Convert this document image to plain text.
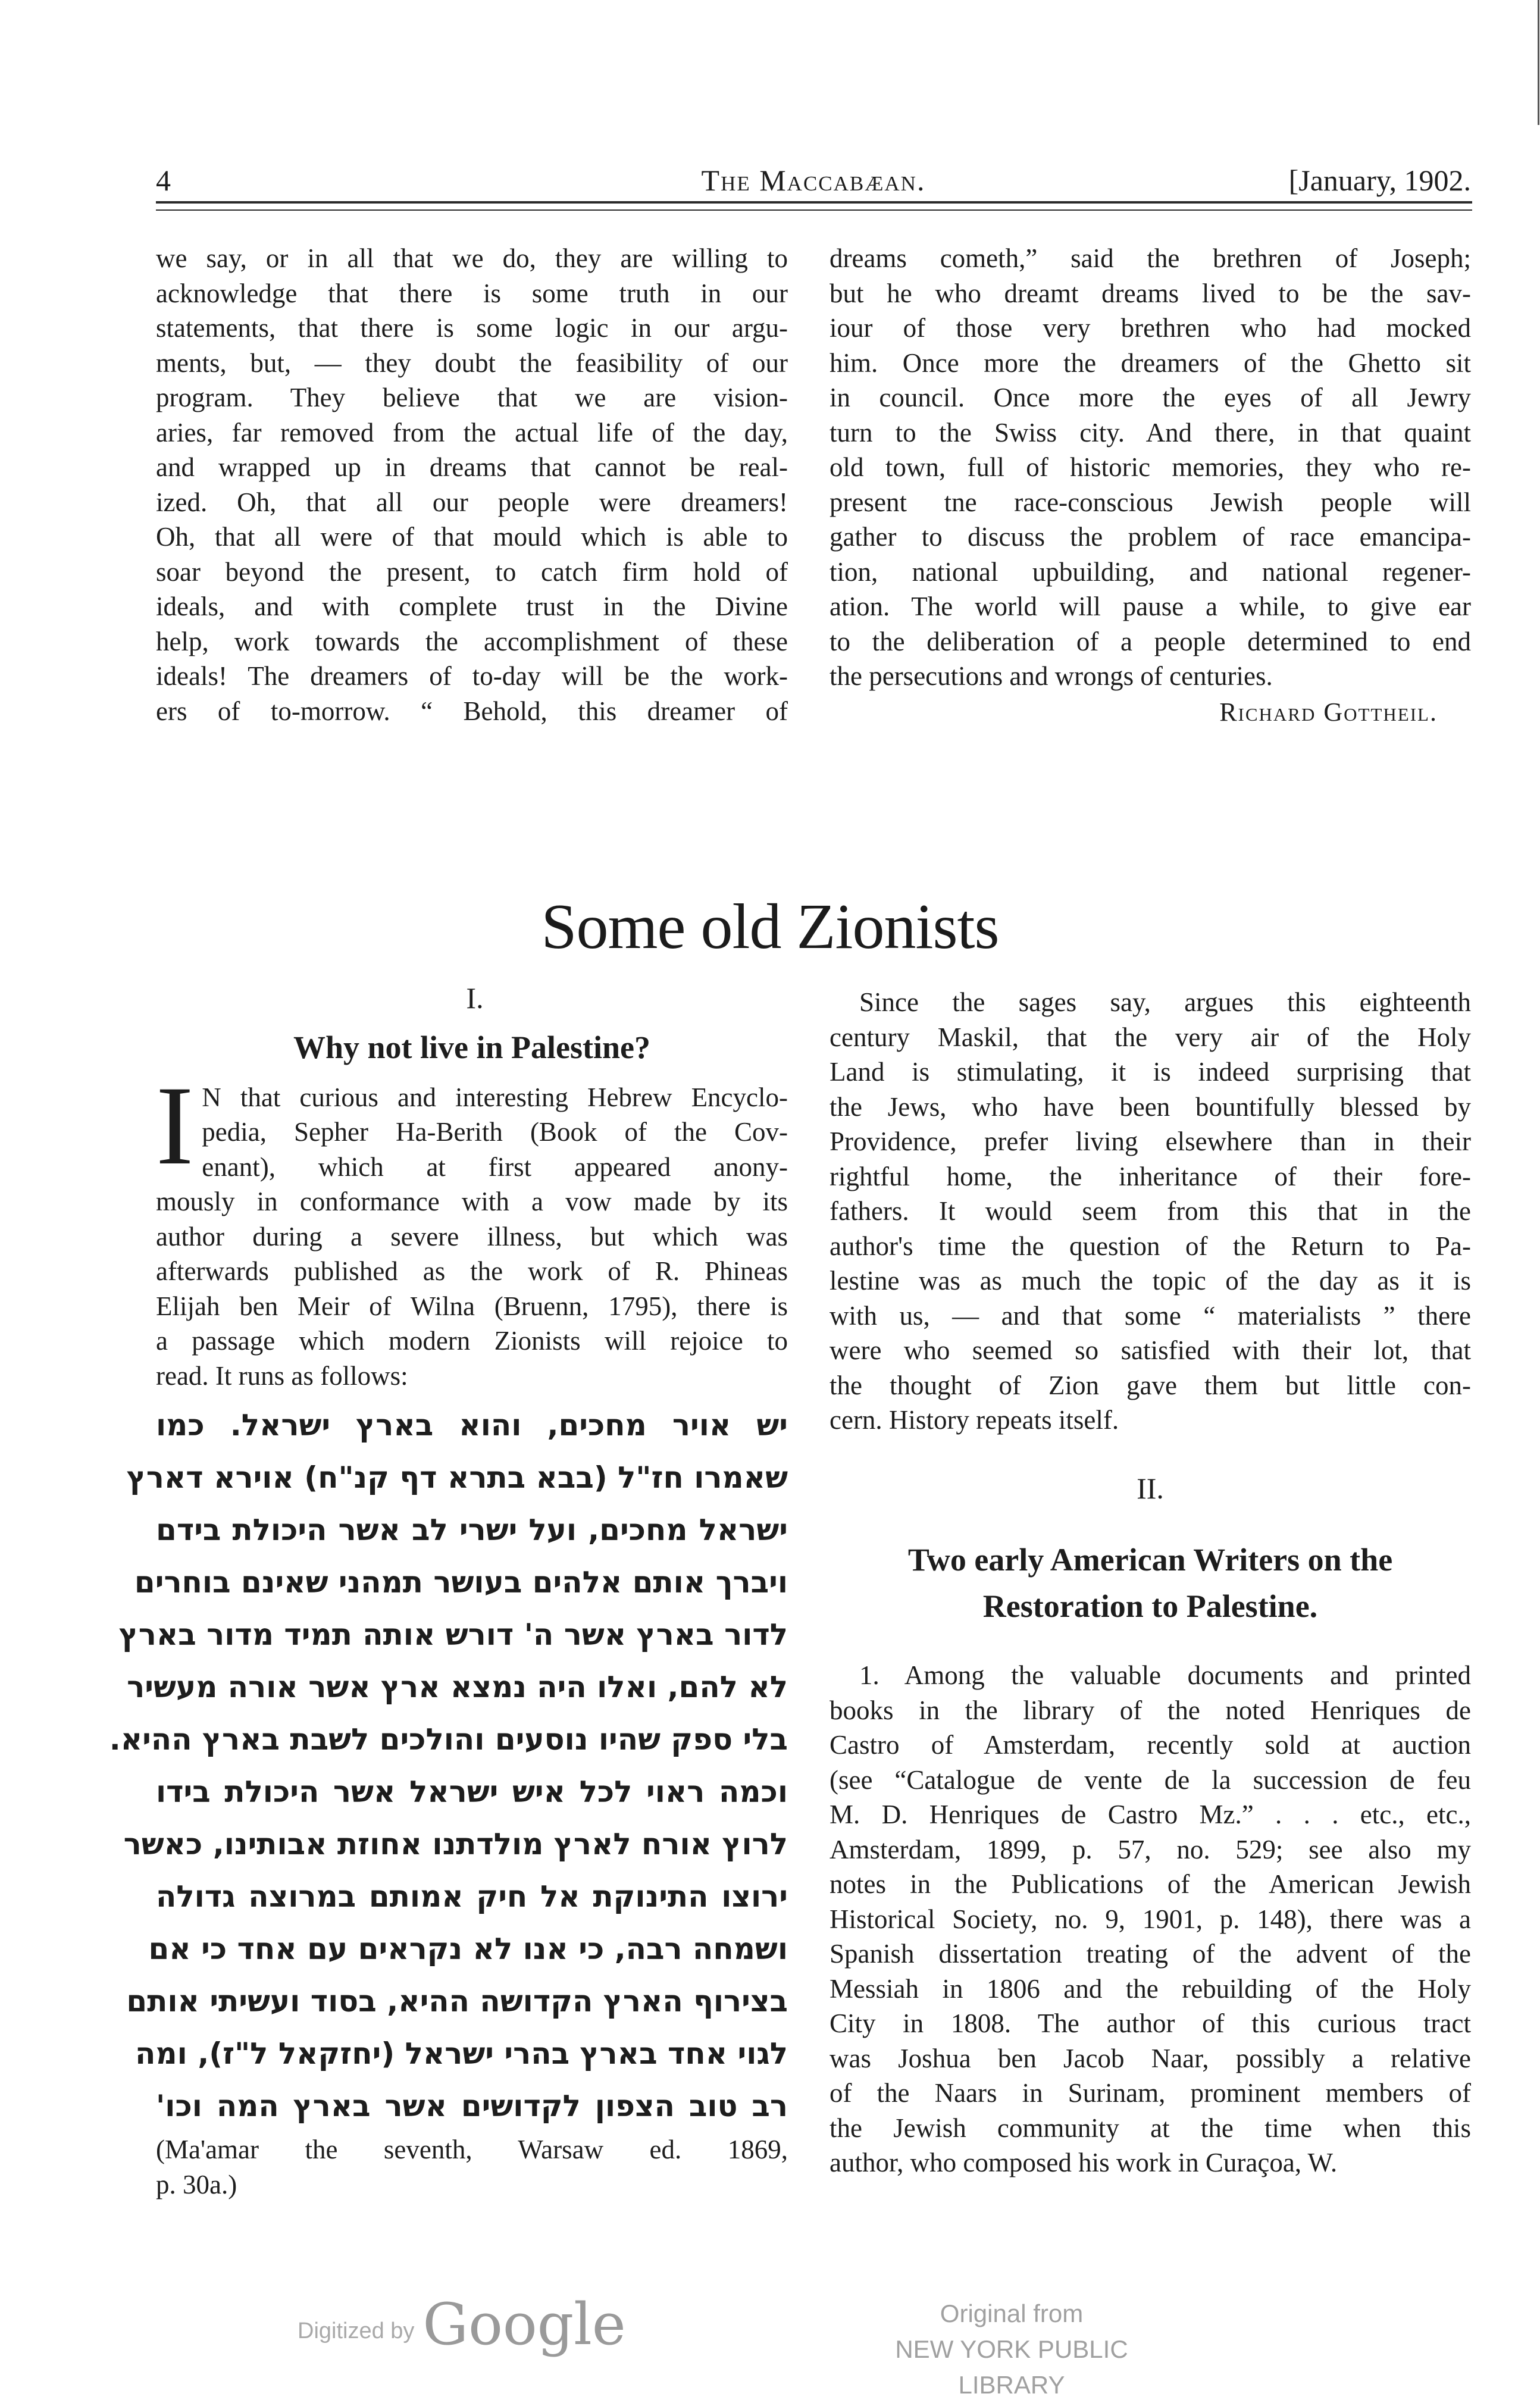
4	The Maccabæan.	[January, 1902.
we say, or in all that we do, they are willing to
acknowledge that there is some truth in our
statements, that there is some logic in our argu-
ments, but, — they doubt the feasibility of our
program. They believe that we are vision-
aries, far removed from the actual life of the day,
and wrapped up in dreams that cannot be real-
ized. Oh, that all our people were dreamers!
Oh, that all were of that mould which is able to
soar beyond the present, to catch firm hold of
ideals, and with complete trust in the Divine
help, work towards the accomplishment of these
ideals! The dreamers of to-day will be the work-
ers of to-morrow. “ Behold, this dreamer of
dreams cometh,” said the brethren of Joseph;
but he who dreamt dreams lived to be the sav-
iour of those very brethren who had mocked
him. Once more the dreamers of the Ghetto sit
in council. Once more the eyes of all Jewry
turn to the Swiss city. And there, in that quaint
old town, full of historic memories, they who re-
present tne race-conscious Jewish people will
gather to discuss the problem of race emancipa-
tion, national upbuilding, and national regener-
ation. The world will pause a while, to give ear
to the deliberation of a people determined to end
the persecutions and wrongs of centuries.
Richard Gottheil.
Some old Zionists
I.
Why not live in Palestine?
I N that curious and interesting Hebrew Encyclo-
pedia, Sepher Ha-Berith (Book of the Cov-
enant), which at first appeared anony-
mously in conformance with a vow made by its
author during a severe illness, but which was
afterwards published as the work of R. Phineas
Elijah ben Meir of Wilna (Bruenn, 1795), there is
a passage which modern Zionists will rejoice to
read. It runs as follows:
יש אויר מחכים, והוא בארץ ישראל. כמו
שאמרו חז"ל (בבא בתרא דף קנ"ח) אוירא דארץ
ישראל מחכים, ועל ישרי לב אשר היכולת בידם
ויברך אותם אלהים בעושר תמהני שאינם בוחרים
לדור בארץ אשר ה' דורש אותה תמיד מדור בארץ
לא להם, ואלו היה נמצא ארץ אשר אורה מעשיר
בלי ספק שהיו נוסעים והולכים לשבת בארץ ההיא.
וכמה ראוי לכל איש ישראל אשר היכולת בידו
לרוץ אורח לארץ מולדתנו אחוזת אבותינו, כאשר
ירוצו התינוקת אל חיק אמותם במרוצה גדולה
ושמחה רבה, כי אנו לא נקראים עם אחד כי אם
בצירוף הארץ הקדושה ההיא, בסוד ועשיתי אותם
לגוי אחד בארץ בהרי ישראל (יחזקאל ל"ז), ומה
רב טוב הצפון לקדושים אשר בארץ המה וכו'
(Ma'amar the seventh, Warsaw ed. 1869,
p. 30a.)
Since the sages say, argues this eighteenth
century Maskil, that the very air of the Holy
Land is stimulating, it is indeed surprising that
the Jews, who have been bountifully blessed by
Providence, prefer living elsewhere than in their
rightful home, the inheritance of their fore-
fathers. It would seem from this that in the
author's time the question of the Return to Pa-
lestine was as much the topic of the day as it is
with us, — and that some “ materialists ” there
were who seemed so satisfied with their lot, that
the thought of Zion gave them but little con-
cern. History repeats itself.
II.
Two early American Writers on the
Restoration to Palestine.
1. Among the valuable documents and printed
books in the library of the noted Henriques de
Castro of Amsterdam, recently sold at auction
(see “Catalogue de vente de la succession de feu
M. D. Henriques de Castro Mz.” . . . etc., etc.,
Amsterdam, 1899, p. 57, no. 529; see also my
notes in the Publications of the American Jewish
Historical Society, no. 9, 1901, p. 148), there was a
Spanish dissertation treating of the advent of the
Messiah in 1806 and the rebuilding of the Holy
City in 1808. The author of this curious tract
was Joshua ben Jacob Naar, possibly a relative
of the Naars in Surinam, prominent members of
the Jewish community at the time when this
author, who composed his work in Curaçoa, W.
Digitized by Google	Original from
NEW YORK PUBLIC LIBRARY
